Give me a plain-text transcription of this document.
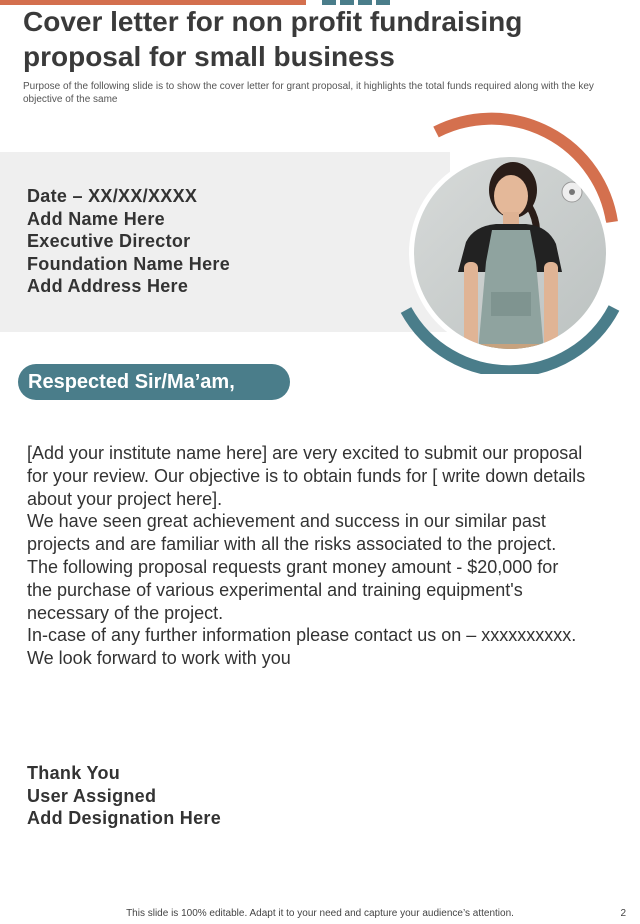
Cover letter for non profit fundraising proposal for small business

Purpose of the following slide is to show the cover letter for grant proposal, it highlights the total funds required along with the key objective of the same

Date – XX/XX/XXXX
Add Name Here
Executive Director
Foundation Name Here
Add Address Here
Respected Sir/Ma’am,

[Add your institute name here] are very excited to submit our proposal for your review. Our objective is to obtain funds for [ write down details about your project here].

We have seen great achievement and success in our similar past projects and are familiar with all the risks associated to the project.

The following proposal requests grant money amount - $20,000 for the purchase of various experimental and training equipment's necessary of the project.

In-case of any further information please contact us on – xxxxxxxxxx.

We look forward to work with you

Thank You
User Assigned
Add Designation Here
This slide is 100% editable. Adapt it to your need and capture your audience’s attention.	2
